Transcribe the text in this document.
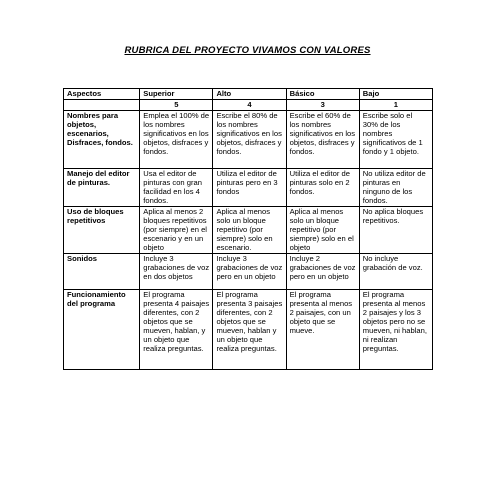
RUBRICA DEL PROYECTO VIVAMOS CON VALORES
Aspectos	Superior	Alto	Básico	Bajo
	5	4	3	1
Nombres para objetos, escenarios, Disfraces, fondos.	Emplea el 100% de los nombres significativos en los objetos, disfraces y fondos.	Escribe el 80% de los nombres significativos en los objetos, disfraces y fondos.	Escribe el 60% de los nombres significativos en los objetos, disfraces y fondos.	Escribe solo el 30% de los nombres significativos de 1 fondo y 1 objeto.
Manejo del editor de pinturas.	Usa el editor de pinturas con gran facilidad en los 4 fondos.	Utiliza el editor de pinturas pero en 3 fondos	Utiliza el editor de pinturas solo en 2 fondos.	No utiliza editor de pinturas en ninguno de los fondos.
Uso de bloques repetitivos	Aplica al menos 2 bloques repetitivos (por siempre) en el escenario y en un objeto	Aplica al menos solo un bloque repetitivo (por siempre) solo en escenario.	Aplica al menos solo un bloque repetitivo (por siempre) solo en el objeto	No aplica bloques repetitivos.
Sonidos	Incluye 3 grabaciones de voz en dos objetos	Incluye 3 grabaciones de voz pero en un objeto	Incluye 2 grabaciones de voz pero en un objeto	No incluye grabación de voz.
Funcionamiento del programa	El programa presenta 4 paisajes diferentes, con 2 objetos que se mueven, hablan, y un objeto que realiza preguntas.	El programa presenta 3 paisajes diferentes, con 2 objetos que se mueven, hablan y un objeto que realiza preguntas.	El programa presenta al menos 2 paisajes, con un objeto que se mueve.	El programa presenta al menos 2 paisajes y los 3 objetos pero no se mueven, ni hablan, ni realizan preguntas.
